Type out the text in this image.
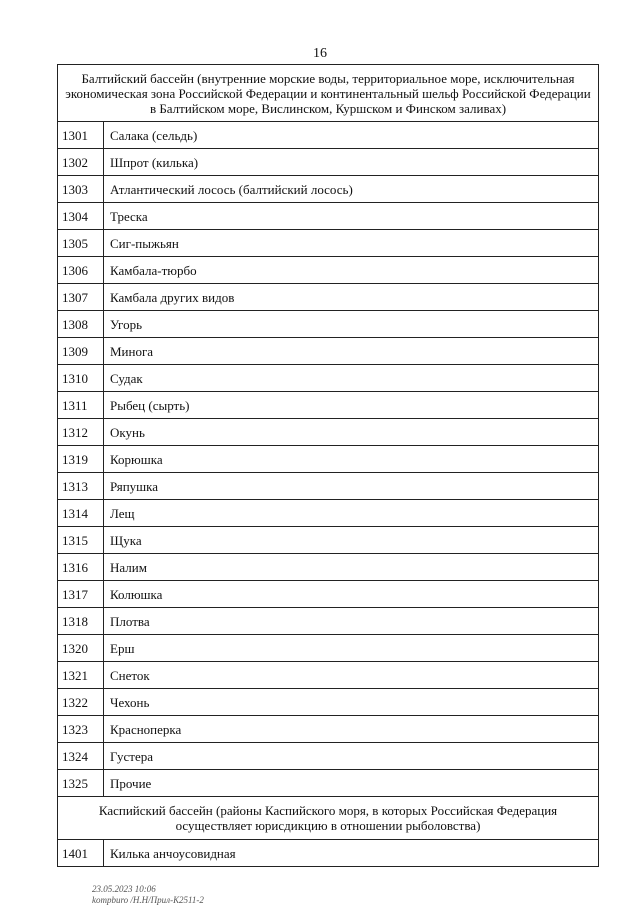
16
Балтийский бассейн (внутренние морские воды, территориальное море, исключительная экономическая зона Российской Федерации и континентальный шельф Российской Федерации в Балтийском море, Вислинском, Куршском и Финском заливах)	
1301	Салака (сельдь)
1302	Шпрот (килька)
1303	Атлантический лосось (балтийский лосось)
1304	Треска
1305	Сиг-пыжьян
1306	Камбала-тюрбо
1307	Камбала других видов
1308	Угорь
1309	Минога
1310	Судак
1311	Рыбец (сырть)
1312	Окунь
1319	Корюшка
1313	Ряпушка
1314	Лещ
1315	Щука
1316	Налим
1317	Колюшка
1318	Плотва
1320	Ерш
1321	Снеток
1322	Чехонь
1323	Красноперка
1324	Густера
1325	Прочие
Каспийский бассейн (районы Каспийского моря, в которых Российская Федерация осуществляет юрисдикцию в отношении рыболовства)	
1401	Килька анчоусовидная
23.05.2023 10:06
kompburo /Н.Н/Прил-К2511-2
